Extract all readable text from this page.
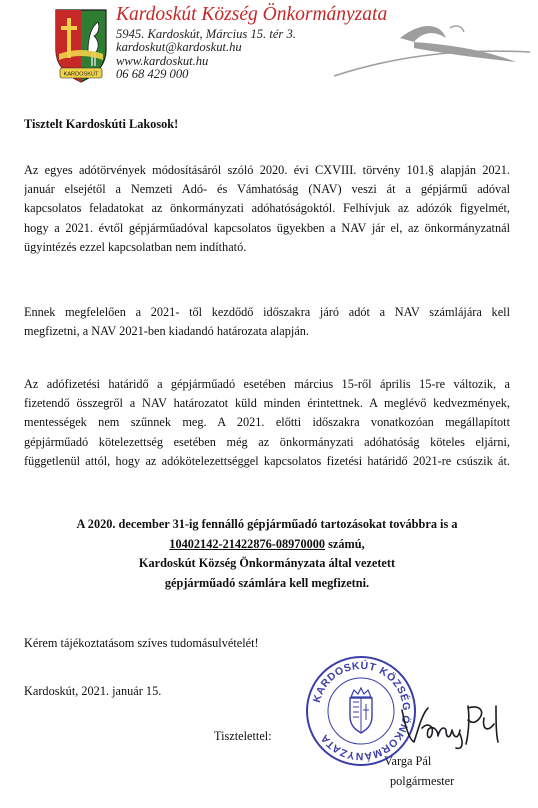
KARDOSKÚT
Kardoskút Község Önkormányzata
5945. Kardoskút, Március 15. tér 3.
kardoskut@kardoskut.hu
www.kardoskut.hu
06 68 429 000
Tisztelt Kardoskúti Lakosok!
Az egyes adótörvények módosításáról szóló 2020. évi CXVIII. törvény 101.§ alapján 2021.
január elsejétől a Nemzeti Adó- és Vámhatóság (NAV) veszi át a gépjármű adóval
kapcsolatos feladatokat az önkormányzati adóhatóságoktól. Felhívjuk az adózók figyelmét,
hogy a 2021. évtől gépjárműadóval kapcsolatos ügyekben a NAV jár el, az önkormányzatnál
ügyintézés ezzel kapcsolatban nem indítható.
Ennek megfelelően a 2021- től kezdődő időszakra járó adót a NAV számlájára kell
megfizetni, a NAV 2021-ben kiadandó határozata alapján.
Az adófizetési határidő a gépjárműadó esetében március 15-ről április 15-re változik, a
fizetendő összegről a NAV határozatot küld minden érintettnek. A meglévő kedvezmények,
mentességek nem szűnnek meg. A 2021. előtti időszakra vonatkozóan megállapított
gépjárműadó kötelezettség esetében még az önkormányzati adóhatóság köteles eljárni,
függetlenül attól, hogy az adókötelezettséggel kapcsolatos fizetési határidő 2021-re csúszik át.
A 2020. december 31-ig fennálló gépjárműadó tartozásokat továbbra is a
10402142-21422876-08970000 számú,
Kardoskút Község Önkormányzata által vezetett
gépjárműadó számlára kell megfizetni.
Kérem tájékoztatásom szíves tudomásulvételét!
Kardoskút, 2021. január 15.
Tisztelettel:
Varga Pál
polgármester
KARDOSKÚT KÖZSÉG ÖNKORMÁNYZATA
